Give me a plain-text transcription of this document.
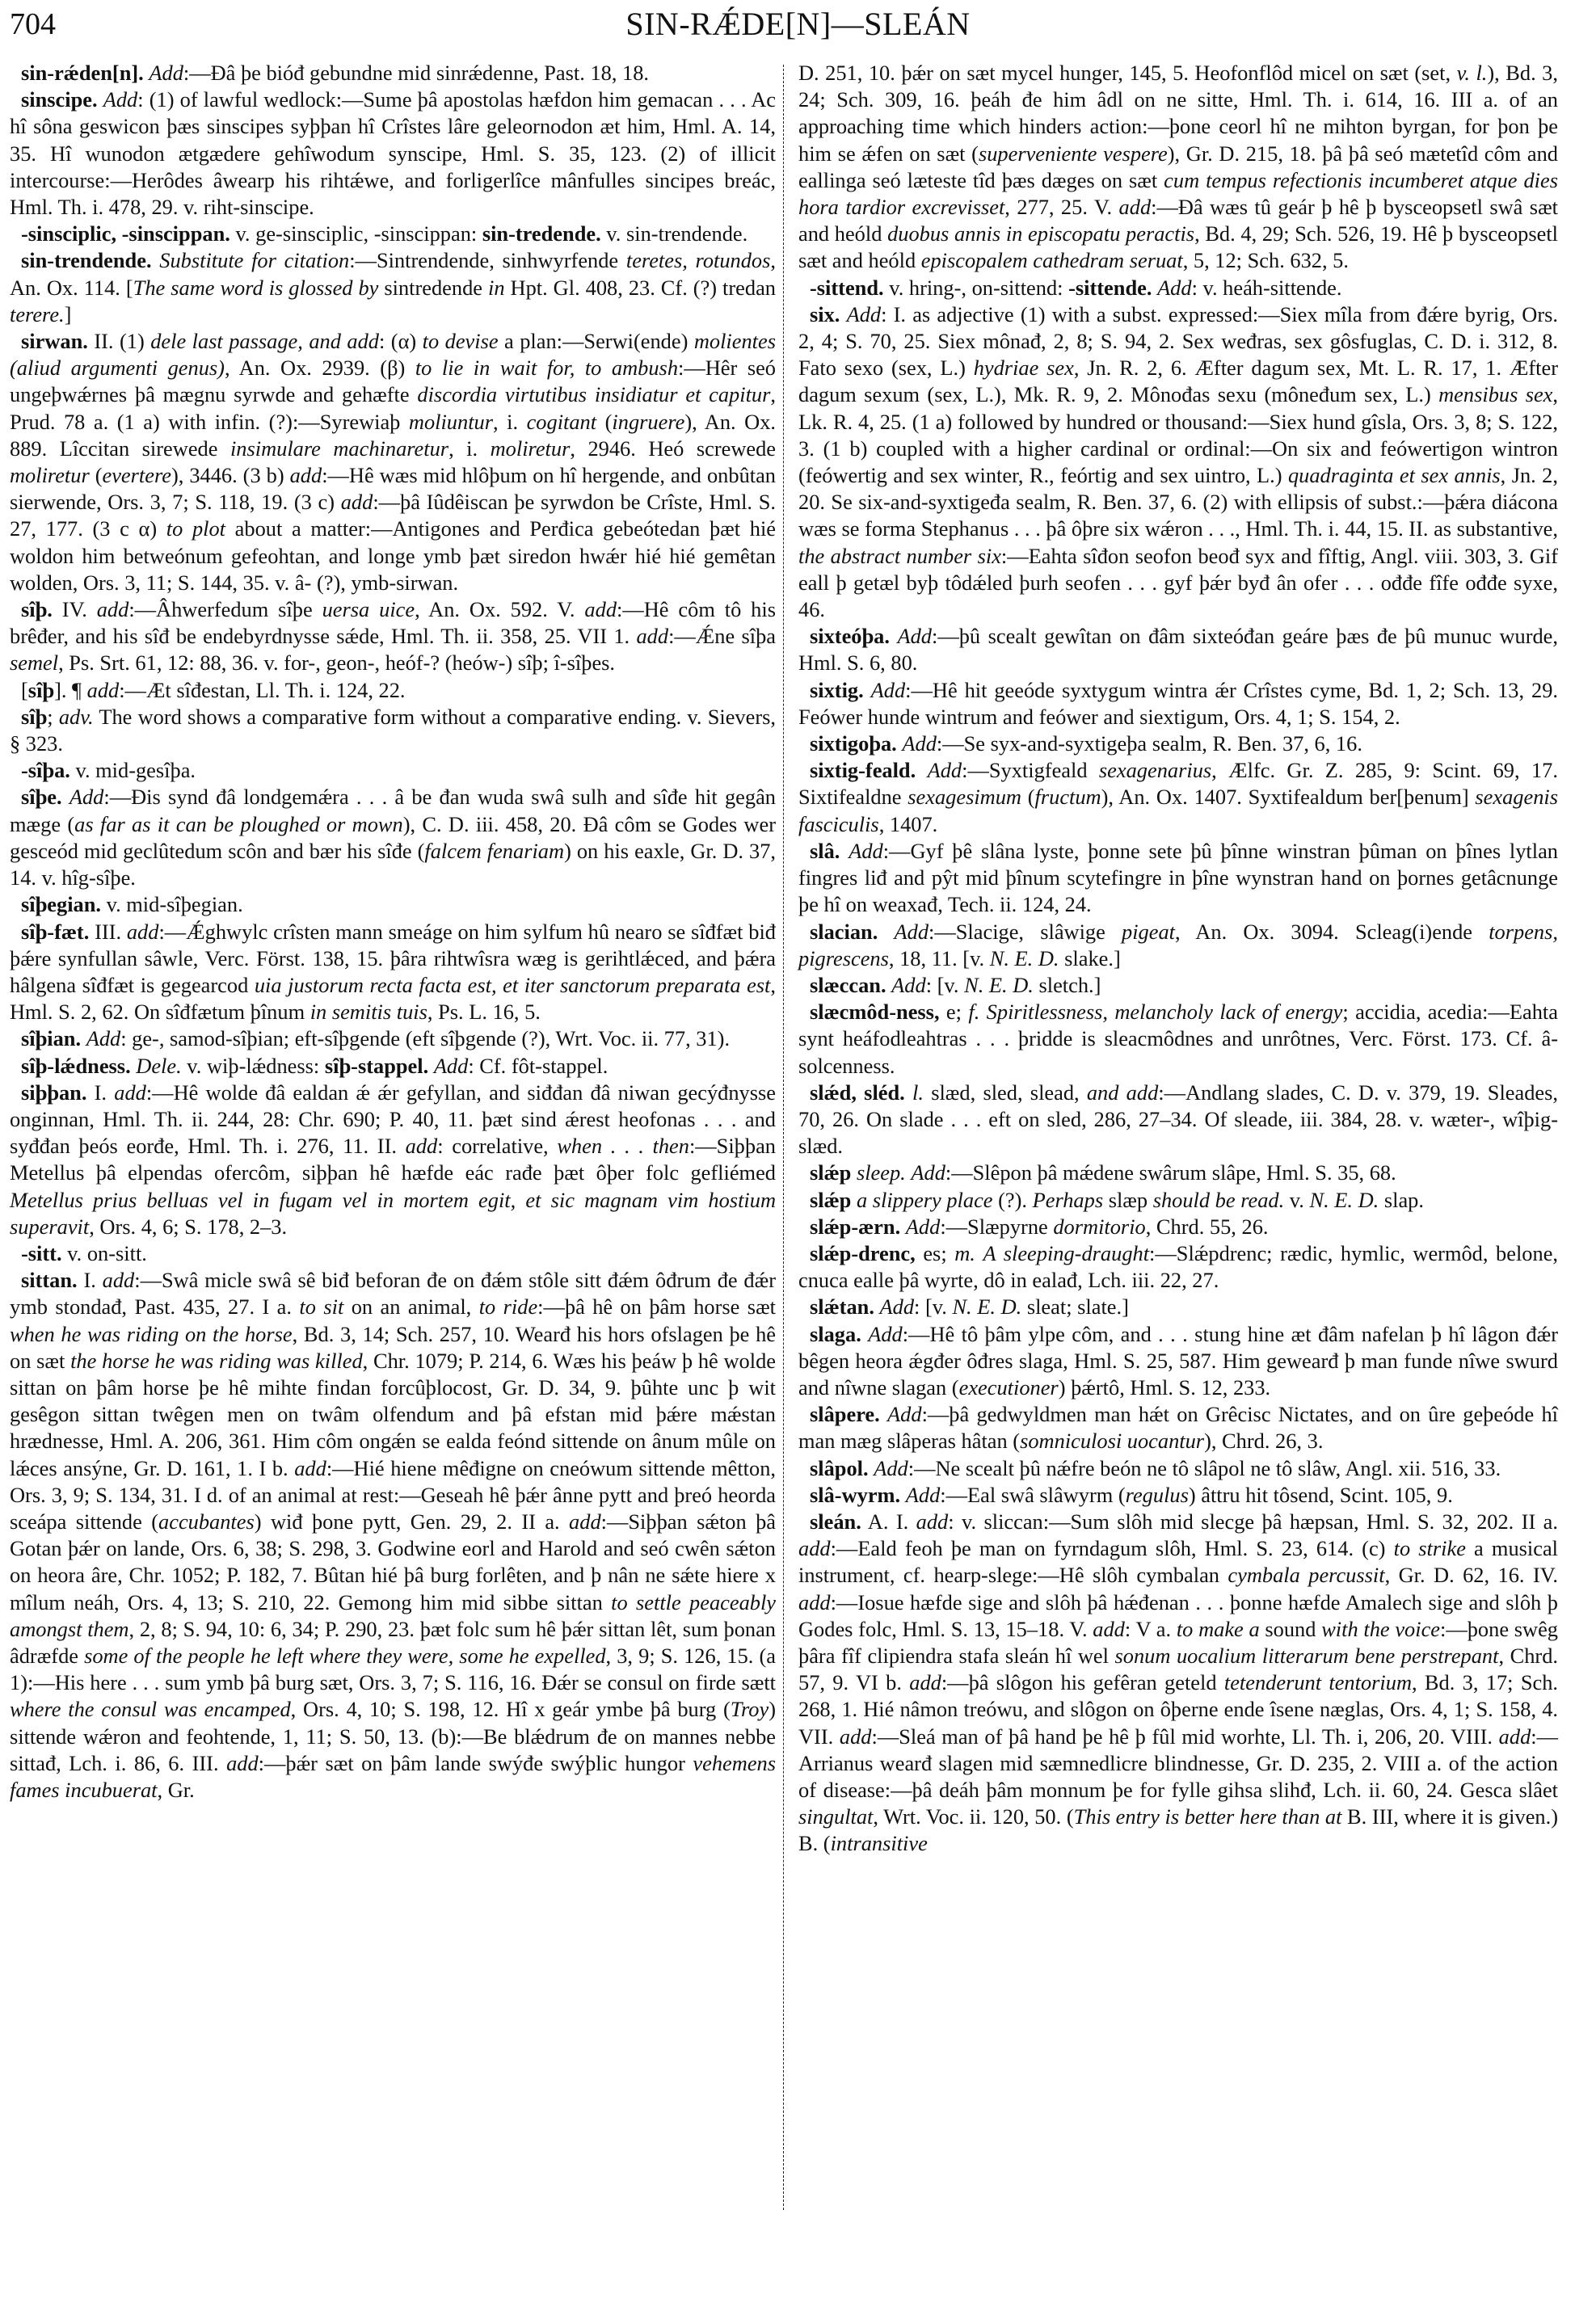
704	SIN-RǼDE[N]—SLEÁN

sin-rǽden[n]. Add:—Ðâ þe bióđ gebundne mid sinrǽdenne, Past. 18, 18.

sinscipe. Add: (1) of lawful wedlock:—Sume þâ apostolas hæfdon him gemacan . . . Ac hî sôna geswicon þæs sinscipes syþþan hî Crîstes lâre geleornodon æt him, Hml. A. 14, 35. Hî wunodon ætgædere gehîwodum synscipe, Hml. S. 35, 123. (2) of illicit intercourse:—Herôdes âwearp his rihtǽwe, and forligerlîce mânfulles sincipes breác, Hml. Th. i. 478, 29. v. riht-sinscipe.

-sinsciplic, -sinscippan. v. ge-sinsciplic, -sinscippan: sin-tredende. v. sin-trendende.

sin-trendende. Substitute for citation:—Sintrendende, sinhwyrfende teretes, rotundos, An. Ox. 114. [The same word is glossed by sintredende in Hpt. Gl. 408, 23. Cf. (?) tredan terere.]

sirwan. II. (1) dele last passage, and add: (α) to devise a plan:—Serwi(ende) molientes (aliud argumenti genus), An. Ox. 2939. (β) to lie in wait for, to ambush:—Hêr seó ungeþwǽrnes þâ mægnu syrwde and gehæfte discordia virtutibus insidiatur et capitur, Prud. 78 a. (1 a) with infin. (?):—Syrewiaþ moliuntur, i. cogitant (ingruere), An. Ox. 889. Lîccitan sirewede insimulare machinaretur, i. moliretur, 2946. Heó screwede moliretur (evertere), 3446. (3 b) add:—Hê wæs mid hlôþum on hî hergende, and onbûtan sierwende, Ors. 3, 7; S. 118, 19. (3 c) add:—þâ Iûdêiscan þe syrwdon be Crîste, Hml. S. 27, 177. (3 c α) to plot about a matter:—Antigones and Perđica gebeótedan þæt hié woldon him betweónum gefeohtan, and longe ymb þæt siredon hwǽr hié hié gemêtan wolden, Ors. 3, 11; S. 144, 35. v. â- (?), ymb-sirwan.

sîþ. IV. add:—Âhwerfedum sîþe uersa uice, An. Ox. 592. V. add:—Hê côm tô his brêđer, and his sîđ be endebyrdnysse sǽde, Hml. Th. ii. 358, 25. VII 1. add:—Ǽne sîþa semel, Ps. Srt. 61, 12: 88, 36. v. for-, geon-, heóf-? (heów-) sîþ; î-sîþes.

[sîþ]. ¶ add:—Æt sîđestan, Ll. Th. i. 124, 22.

sîþ; adv. The word shows a comparative form without a comparative ending. v. Sievers, § 323.

-sîþa. v. mid-gesîþa.

sîþe. Add:—Ðis synd đâ londgemǽra . . . â be đan wuda swâ sulh and sîđe hit gegân mæge (as far as it can be ploughed or mown), C. D. iii. 458, 20. Ðâ côm se Godes wer gesceód mid geclûtedum scôn and bær his sîđe (falcem fenariam) on his eaxle, Gr. D. 37, 14. v. hîg-sîþe.

sîþegian. v. mid-sîþegian.

sîþ-fæt. III. add:—Ǽghwylc crîsten mann smeáge on him sylfum hû nearo se sîđfæt biđ þǽre synfullan sâwle, Verc. Först. 138, 15. þâra rihtwîsra wæg is gerihtlǽced, and þǽra hâlgena sîđfæt is gegearcod uia justorum recta facta est, et iter sanctorum preparata est, Hml. S. 2, 62. On sîđfætum þînum in semitis tuis, Ps. L. 16, 5.

sîþian. Add: ge-, samod-sîþian; eft-sîþgende (eft sîþgende (?), Wrt. Voc. ii. 77, 31).

sîþ-lǽdness. Dele. v. wiþ-lǽdness: sîþ-stappel. Add: Cf. fôt-stappel.

siþþan. I. add:—Hê wolde đâ ealdan ǽ ǽr gefyllan, and siđđan đâ niwan gecýđnysse onginnan, Hml. Th. ii. 244, 28: Chr. 690; P. 40, 11. þæt sind ǽrest heofonas . . . and syđđan þeós eorđe, Hml. Th. i. 276, 11. II. add: correlative, when . . . then:—Siþþan Metellus þâ elpendas ofercôm, siþþan hê hæfde eác rađe þæt ôþer folc gefliémed Metellus prius belluas vel in fugam vel in mortem egit, et sic magnam vim hostium superavit, Ors. 4, 6; S. 178, 2–3.

-sitt. v. on-sitt.

sittan. I. add:—Swâ micle swâ sê biđ beforan đe on đǽm stôle sitt đǽm ôđrum đe đǽr ymb stondađ, Past. 435, 27. I a. to sit on an animal, to ride:—þâ hê on þâm horse sæt when he was riding on the horse, Bd. 3, 14; Sch. 257, 10. Wearđ his hors ofslagen þe hê on sæt the horse he was riding was killed, Chr. 1079; P. 214, 6. Wæs his þeáw þ hê wolde sittan on þâm horse þe hê mihte findan forcûþlocost, Gr. D. 34, 9. þûhte unc þ wit gesêgon sittan twêgen men on twâm olfendum and þâ efstan mid þǽre mǽstan hrædnesse, Hml. A. 206, 361. Him côm ongǽn se ealda feónd sittende on ânum mûle on lǽces ansýne, Gr. D. 161, 1. I b. add:—Hié hiene mêđigne on cneówum sittende mêtton, Ors. 3, 9; S. 134, 31. I d. of an animal at rest:—Geseah hê þǽr ânne pytt and þreó heorda sceápa sittende (accubantes) wiđ þone pytt, Gen. 29, 2. II a. add:—Siþþan sǽton þâ Gotan þǽr on lande, Ors. 6, 38; S. 298, 3. Godwine eorl and Harold and seó cwên sǽton on heora âre, Chr. 1052; P. 182, 7. Bûtan hié þâ burg forlêten, and þ nân ne sǽte hiere x mîlum neáh, Ors. 4, 13; S. 210, 22. Gemong him mid sibbe sittan to settle peaceably amongst them, 2, 8; S. 94, 10: 6, 34; P. 290, 23. þæt folc sum hê þǽr sittan lêt, sum þonan âdræfde some of the people he left where they were, some he expelled, 3, 9; S. 126, 15. (a 1):—His here . . . sum ymb þâ burg sæt, Ors. 3, 7; S. 116, 16. Ðǽr se consul on firde sætt where the consul was encamped, Ors. 4, 10; S. 198, 12. Hî x geár ymbe þâ burg (Troy) sittende wǽron and feohtende, 1, 11; S. 50, 13. (b):—Be blǽdrum đe on mannes nebbe sittađ, Lch. i. 86, 6. III. add:—þǽr sæt on þâm lande swýđe swýþlic hungor vehemens fames incubuerat, Gr.

D. 251, 10. þǽr on sæt mycel hunger, 145, 5. Heofonflôd micel on sæt (set, v. l.), Bd. 3, 24; Sch. 309, 16. þeáh đe him âdl on ne sitte, Hml. Th. i. 614, 16. III a. of an approaching time which hinders action:—þone ceorl hî ne mihton byrgan, for þon þe him se ǽfen on sæt (superveniente vespere), Gr. D. 215, 18. þâ þâ seó mætetîd côm and eallinga seó læteste tîd þæs dæges on sæt cum tempus refectionis incumberet atque dies hora tardior excrevisset, 277, 25. V. add:—Ðâ wæs tû geár þ hê þ bysceopsetl swâ sæt and heóld duobus annis in episcopatu peractis, Bd. 4, 29; Sch. 526, 19. Hê þ bysceopsetl sæt and heóld episcopalem cathedram seruat, 5, 12; Sch. 632, 5.

-sittend. v. hring-, on-sittend: -sittende. Add: v. heáh-sittende.

six. Add: I. as adjective (1) with a subst. expressed:—Siex mîla from đǽre byrig, Ors. 2, 4; S. 70, 25. Siex mônađ, 2, 8; S. 94, 2. Sex weđras, sex gôsfuglas, C. D. i. 312, 8. Fato sexo (sex, L.) hydriae sex, Jn. R. 2, 6. Æfter dagum sex, Mt. L. R. 17, 1. Æfter dagum sexum (sex, L.), Mk. R. 9, 2. Mônođas sexu (môneđum sex, L.) mensibus sex, Lk. R. 4, 25. (1 a) followed by hundred or thousand:—Siex hund gîsla, Ors. 3, 8; S. 122, 3. (1 b) coupled with a higher cardinal or ordinal:—On six and feówertigon wintron (feówertig and sex winter, R., feórtig and sex uintro, L.) quadraginta et sex annis, Jn. 2, 20. Se six-and-syxtigeđa sealm, R. Ben. 37, 6. (2) with ellipsis of subst.:—þǽra diácona wæs se forma Stephanus . . . þâ ôþre six wǽron . . ., Hml. Th. i. 44, 15. II. as substantive, the abstract number six:—Eahta sîđon seofon beođ syx and fîftig, Angl. viii. 303, 3. Gif eall þ getæl byþ tôdǽled þurh seofen . . . gyf þǽr byđ ân ofer . . . ođđe fîfe ođđe syxe, 46.

sixteóþa. Add:—þû scealt gewîtan on đâm sixteóđan geáre þæs đe þû munuc wurde, Hml. S. 6, 80.

sixtig. Add:—Hê hit geeóde syxtygum wintra ǽr Crîstes cyme, Bd. 1, 2; Sch. 13, 29. Feówer hunde wintrum and feówer and siextigum, Ors. 4, 1; S. 154, 2.

sixtigoþa. Add:—Se syx-and-syxtigeþa sealm, R. Ben. 37, 6, 16.

sixtig-feald. Add:—Syxtigfeald sexagenarius, Ælfc. Gr. Z. 285, 9: Scint. 69, 17. Sixtifealdne sexagesimum (fructum), An. Ox. 1407. Syxtifealdum ber[þenum] sexagenis fasciculis, 1407.

slâ. Add:—Gyf þê slâna lyste, þonne sete þû þînne winstran þûman on þînes lytlan fingres liđ and pŷt mid þînum scytefingre in þîne wynstran hand on þornes getâcnunge þe hî on weaxađ, Tech. ii. 124, 24.

slacian. Add:—Slacige, slâwige pigeat, An. Ox. 3094. Scleag(i)ende torpens, pigrescens, 18, 11. [v. N. E. D. slake.]

slæccan. Add: [v. N. E. D. sletch.]

slæcmôd-ness, e; f. Spiritlessness, melancholy lack of energy; accidia, acedia:—Eahta synt heáfodleahtras . . . þridde is sleacmôdnes and unrôtnes, Verc. Först. 173. Cf. â-solcenness.

slǽd, sléd. l. slæd, sled, slead, and add:—Andlang slades, C. D. v. 379, 19. Sleades, 70, 26. On slade . . . eft on sled, 286, 27–34. Of sleade, iii. 384, 28. v. wæter-, wîþig-slæd.

slǽp sleep. Add:—Slêpon þâ mǽdene swârum slâpe, Hml. S. 35, 68.

slǽp a slippery place (?). Perhaps slæp should be read. v. N. E. D. slap.

slǽp-ærn. Add:—Slæpyrne dormitorio, Chrd. 55, 26.

slǽp-drenc, es; m. A sleeping-draught:—Slǽpdrenc; rædic, hymlic, wermôd, belone, cnuca ealle þâ wyrte, dô in ealađ, Lch. iii. 22, 27.

slǽtan. Add: [v. N. E. D. sleat; slate.]

slaga. Add:—Hê tô þâm ylpe côm, and . . . stung hine æt đâm nafelan þ hî lâgon đǽr bêgen heora ǽgđer ôđres slaga, Hml. S. 25, 587. Him gewearđ þ man funde nîwe swurd and nîwne slagan (executioner) þǽrtô, Hml. S. 12, 233.

slâpere. Add:—þâ gedwyldmen man hǽt on Grêcisc Nictates, and on ûre geþeóde hî man mæg slâperas hâtan (somniculosi uocantur), Chrd. 26, 3.

slâpol. Add:—Ne scealt þû nǽfre beón ne tô slâpol ne tô slâw, Angl. xii. 516, 33.

slâ-wyrm. Add:—Eal swâ slâwyrm (regulus) âttru hit tôsend, Scint. 105, 9.

sleán. A. I. add: v. sliccan:—Sum slôh mid slecge þâ hæpsan, Hml. S. 32, 202. II a. add:—Eald feoh þe man on fyrndagum slôh, Hml. S. 23, 614. (c) to strike a musical instrument, cf. hearp-slege:—Hê slôh cymbalan cymbala percussit, Gr. D. 62, 16. IV. add:—Iosue hæfde sige and slôh þâ hǽđenan . . . þonne hæfde Amalech sige and slôh þ Godes folc, Hml. S. 13, 15–18. V. add: V a. to make a sound with the voice:—þone swêg þâra fîf clipiendra stafa sleán hî wel sonum uocalium litterarum bene perstrepant, Chrd. 57, 9. VI b. add:—þâ slôgon his gefêran geteld tetenderunt tentorium, Bd. 3, 17; Sch. 268, 1. Hié nâmon treówu, and slôgon on ôþerne ende îsene næglas, Ors. 4, 1; S. 158, 4. VII. add:—Sleá man of þâ hand þe hê þ fûl mid worhte, Ll. Th. i, 206, 20. VIII. add:—Arrianus wearđ slagen mid sæmnedlicre blindnesse, Gr. D. 235, 2. VIII a. of the action of disease:—þâ deáh þâm monnum þe for fylle gihsa slihđ, Lch. ii. 60, 24. Gesca slâet singultat, Wrt. Voc. ii. 120, 50. (This entry is better here than at B. III, where it is given.) B. (intransitive
